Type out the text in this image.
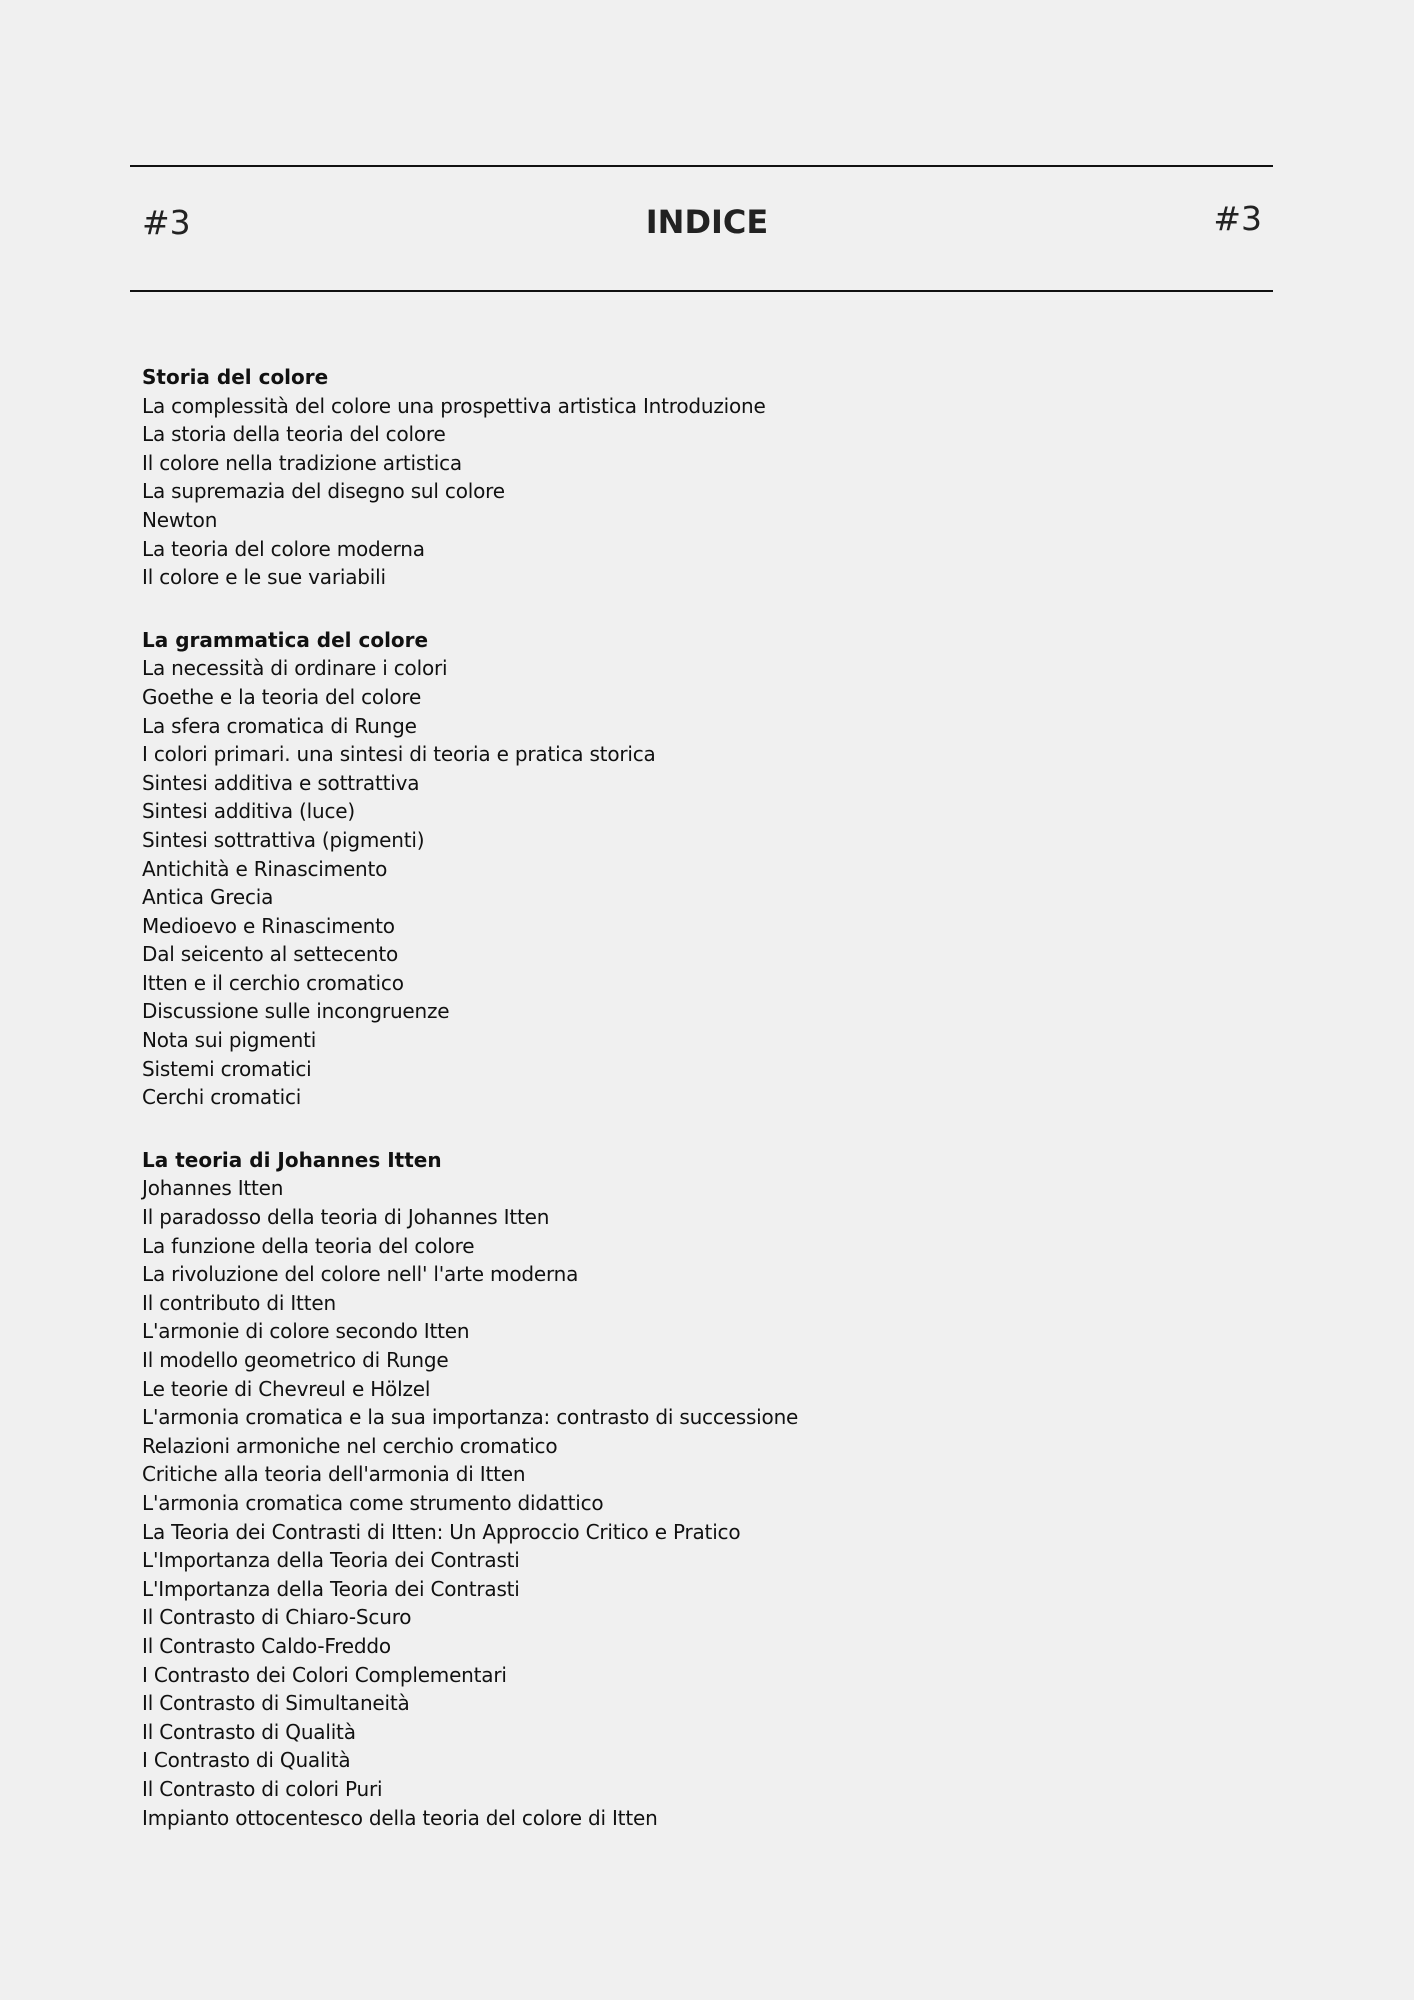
#3	INDICE	#3
Storia del colore
La complessità del colore una prospettiva artistica Introduzione
La storia della teoria del colore
Il colore nella tradizione artistica
La supremazia del disegno sul colore
Newton
La teoria del colore moderna
Il colore e le sue variabili
La grammatica del colore
La necessità di ordinare i colori
Goethe e la teoria del colore
La sfera cromatica di Runge
I colori primari. una sintesi di teoria e pratica storica
Sintesi additiva e sottrattiva
Sintesi additiva (luce)
Sintesi sottrattiva (pigmenti)
Antichità e Rinascimento
Antica Grecia
Medioevo e Rinascimento
Dal seicento al settecento
Itten e il cerchio cromatico
Discussione sulle incongruenze
Nota sui pigmenti
Sistemi cromatici
Cerchi cromatici
La teoria di Johannes Itten
Johannes Itten
Il paradosso della teoria di Johannes Itten
La funzione della teoria del colore
La rivoluzione del colore nell' l'arte moderna
Il contributo di Itten
L'armonie di colore secondo Itten
Il modello geometrico di Runge
Le teorie di Chevreul e Hölzel
L'armonia cromatica e la sua importanza: contrasto di successione
Relazioni armoniche nel cerchio cromatico
Critiche alla teoria dell'armonia di Itten
L'armonia cromatica come strumento didattico
La Teoria dei Contrasti di Itten: Un Approccio Critico e Pratico
L'Importanza della Teoria dei Contrasti
L'Importanza della Teoria dei Contrasti
Il Contrasto di Chiaro-Scuro
Il Contrasto Caldo-Freddo
I Contrasto dei Colori Complementari
Il Contrasto di Simultaneità
Il Contrasto di Qualità
I Contrasto di Qualità
Il Contrasto di colori Puri
Impianto ottocentesco della teoria del colore di Itten
